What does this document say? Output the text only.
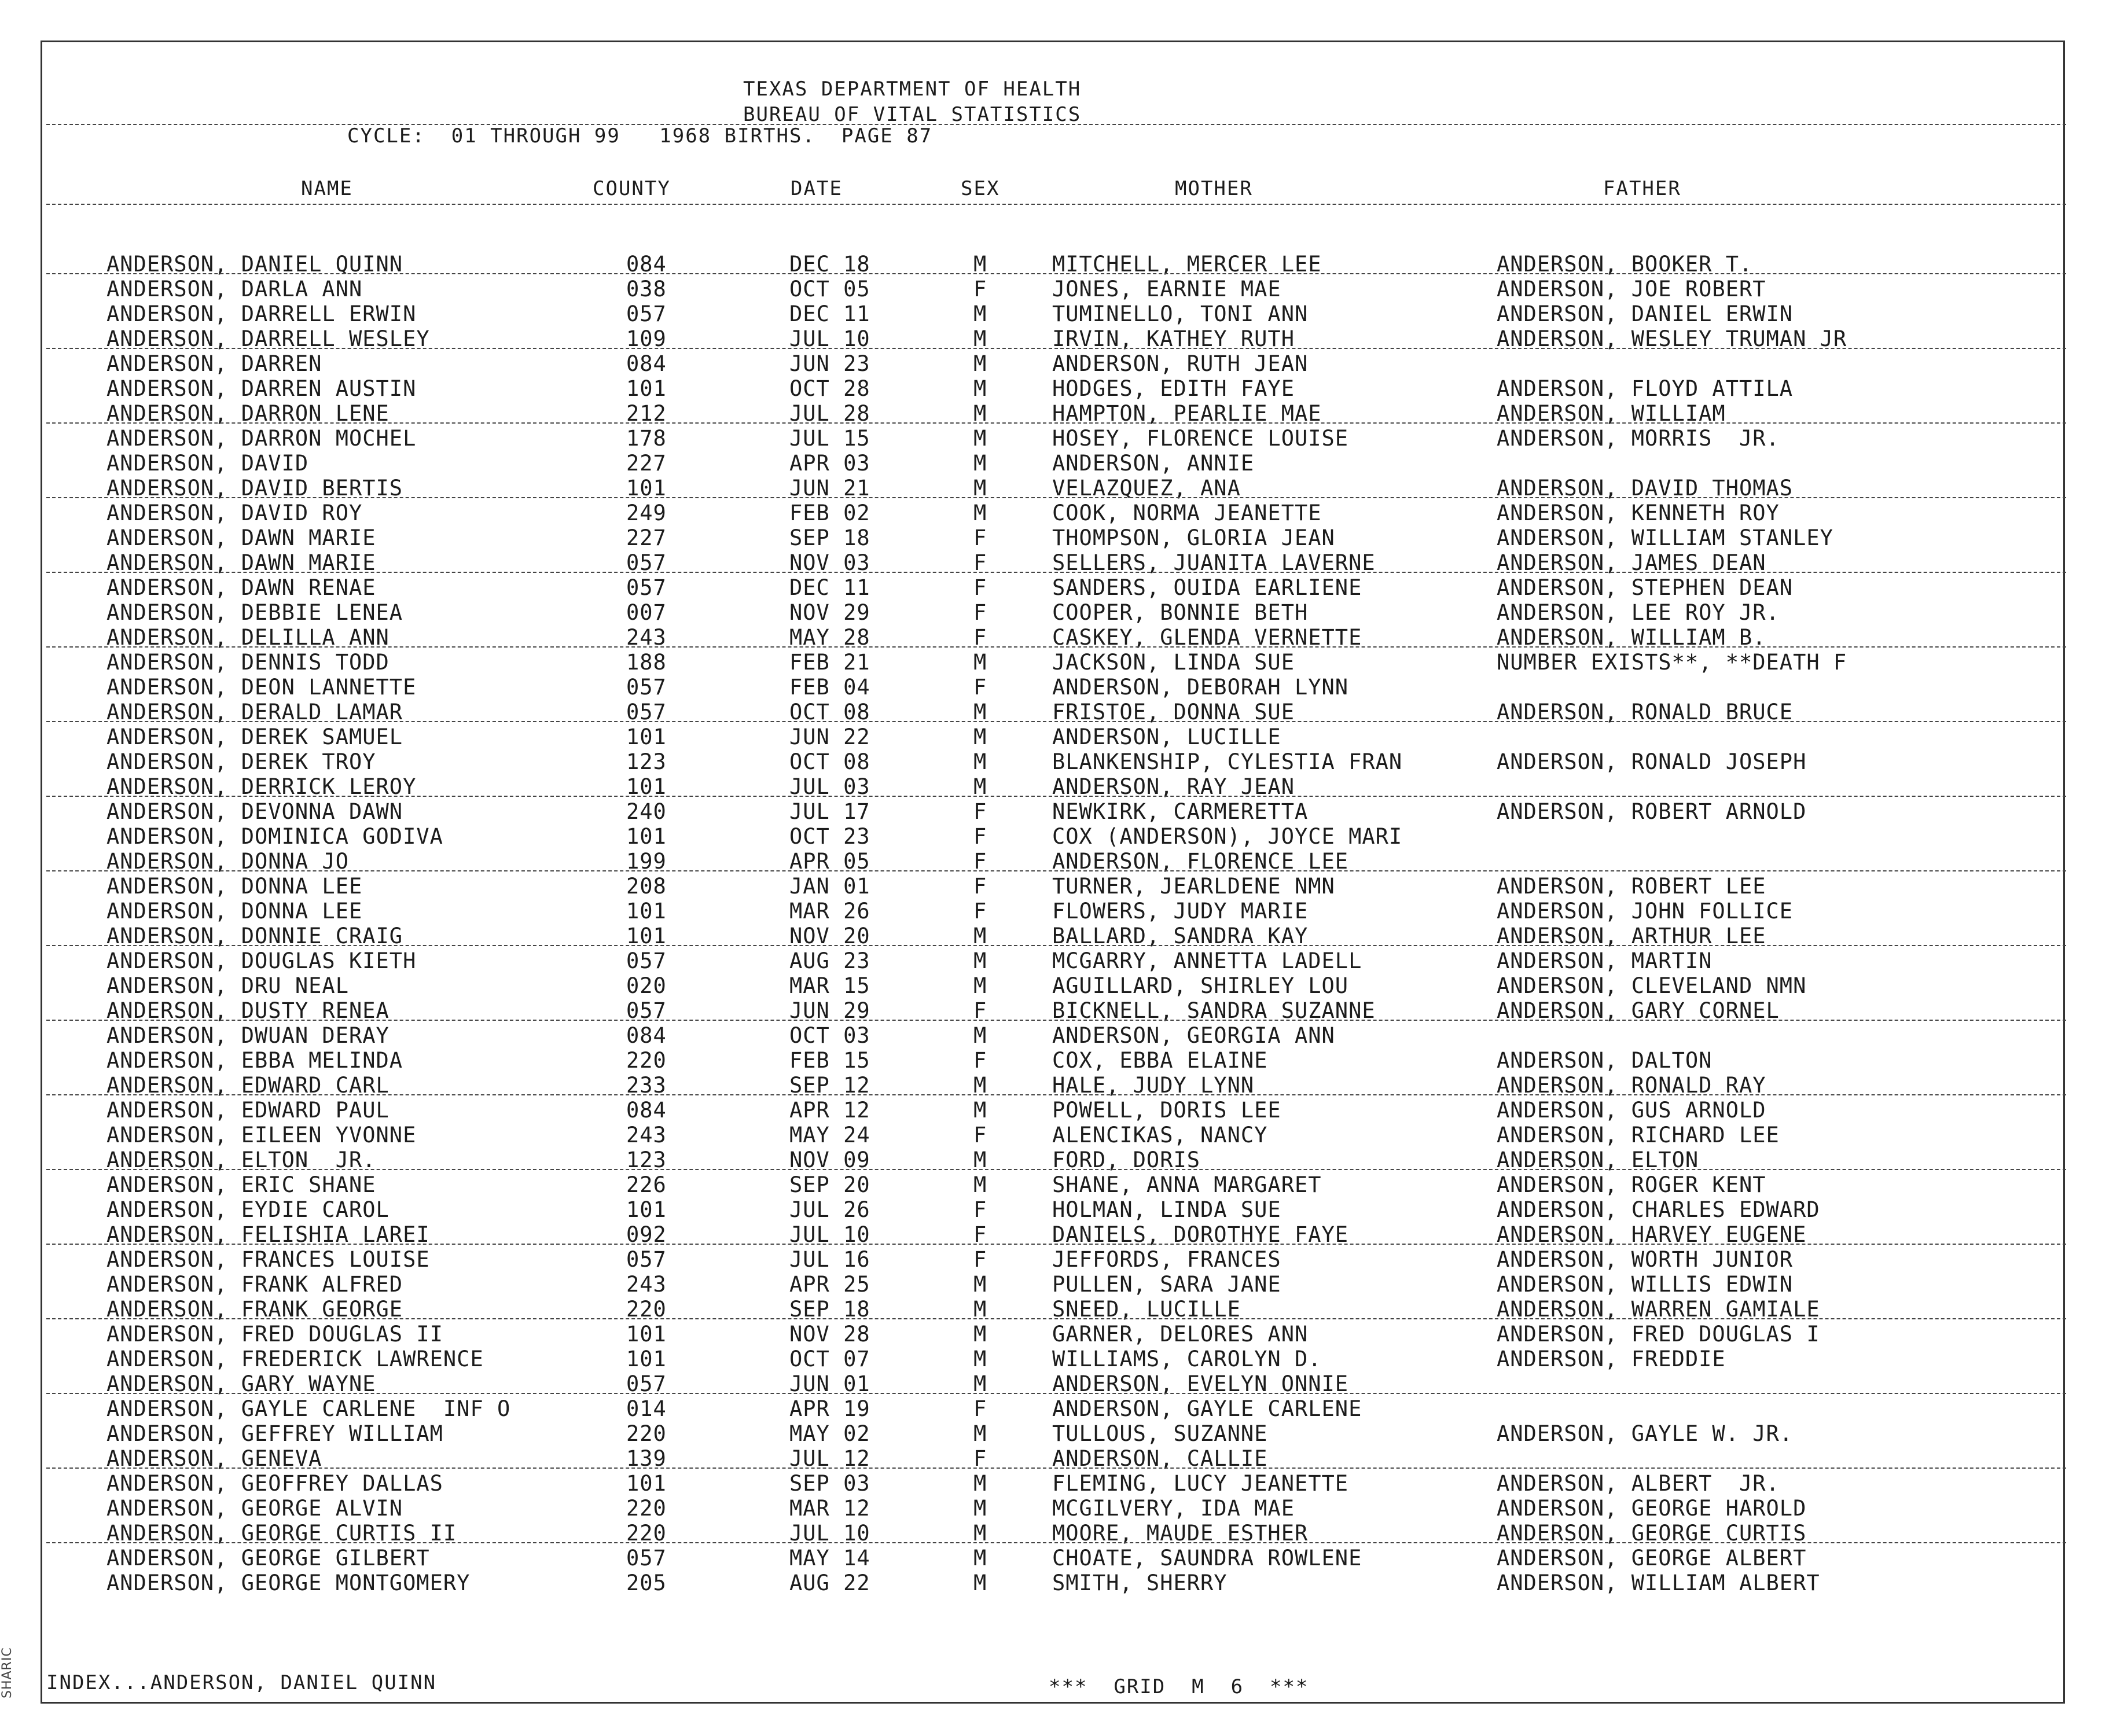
TEXAS DEPARTMENT OF HEALTH
BUREAU OF VITAL STATISTICS
CYCLE:  01 THROUGH 99   1968 BIRTHS.  PAGE 87
NAME	COUNTY	DATE	SEX	MOTHER	FATHER
ANDERSON, DANIEL QUINN	084	DEC 18	M	MITCHELL, MERCER LEE	ANDERSON, BOOKER T.
ANDERSON, DARLA ANN	038	OCT 05	F	JONES, EARNIE MAE	ANDERSON, JOE ROBERT
ANDERSON, DARRELL ERWIN	057	DEC 11	M	TUMINELLO, TONI ANN	ANDERSON, DANIEL ERWIN
ANDERSON, DARRELL WESLEY	109	JUL 10	M	IRVIN, KATHEY RUTH	ANDERSON, WESLEY TRUMAN JR
ANDERSON, DARREN	084	JUN 23	M	ANDERSON, RUTH JEAN
ANDERSON, DARREN AUSTIN	101	OCT 28	M	HODGES, EDITH FAYE	ANDERSON, FLOYD ATTILA
ANDERSON, DARRON LENE	212	JUL 28	M	HAMPTON, PEARLIE MAE	ANDERSON, WILLIAM
ANDERSON, DARRON MOCHEL	178	JUL 15	M	HOSEY, FLORENCE LOUISE	ANDERSON, MORRIS  JR.
ANDERSON, DAVID	227	APR 03	M	ANDERSON, ANNIE
ANDERSON, DAVID BERTIS	101	JUN 21	M	VELAZQUEZ, ANA	ANDERSON, DAVID THOMAS
ANDERSON, DAVID ROY	249	FEB 02	M	COOK, NORMA JEANETTE	ANDERSON, KENNETH ROY
ANDERSON, DAWN MARIE	227	SEP 18	F	THOMPSON, GLORIA JEAN	ANDERSON, WILLIAM STANLEY
ANDERSON, DAWN MARIE	057	NOV 03	F	SELLERS, JUANITA LAVERNE	ANDERSON, JAMES DEAN
ANDERSON, DAWN RENAE	057	DEC 11	F	SANDERS, OUIDA EARLIENE	ANDERSON, STEPHEN DEAN
ANDERSON, DEBBIE LENEA	007	NOV 29	F	COOPER, BONNIE BETH	ANDERSON, LEE ROY JR.
ANDERSON, DELILLA ANN	243	MAY 28	F	CASKEY, GLENDA VERNETTE	ANDERSON, WILLIAM B.
ANDERSON, DENNIS TODD	188	FEB 21	M	JACKSON, LINDA SUE	NUMBER EXISTS**, **DEATH F
ANDERSON, DEON LANNETTE	057	FEB 04	F	ANDERSON, DEBORAH LYNN
ANDERSON, DERALD LAMAR	057	OCT 08	M	FRISTOE, DONNA SUE	ANDERSON, RONALD BRUCE
ANDERSON, DEREK SAMUEL	101	JUN 22	M	ANDERSON, LUCILLE
ANDERSON, DEREK TROY	123	OCT 08	M	BLANKENSHIP, CYLESTIA FRAN	ANDERSON, RONALD JOSEPH
ANDERSON, DERRICK LEROY	101	JUL 03	M	ANDERSON, RAY JEAN
ANDERSON, DEVONNA DAWN	240	JUL 17	F	NEWKIRK, CARMERETTA	ANDERSON, ROBERT ARNOLD
ANDERSON, DOMINICA GODIVA	101	OCT 23	F	COX (ANDERSON), JOYCE MARI
ANDERSON, DONNA JO	199	APR 05	F	ANDERSON, FLORENCE LEE
ANDERSON, DONNA LEE	208	JAN 01	F	TURNER, JEARLDENE NMN	ANDERSON, ROBERT LEE
ANDERSON, DONNA LEE	101	MAR 26	F	FLOWERS, JUDY MARIE	ANDERSON, JOHN FOLLICE
ANDERSON, DONNIE CRAIG	101	NOV 20	M	BALLARD, SANDRA KAY	ANDERSON, ARTHUR LEE
ANDERSON, DOUGLAS KIETH	057	AUG 23	M	MCGARRY, ANNETTA LADELL	ANDERSON, MARTIN
ANDERSON, DRU NEAL	020	MAR 15	M	AGUILLARD, SHIRLEY LOU	ANDERSON, CLEVELAND NMN
ANDERSON, DUSTY RENEA	057	JUN 29	F	BICKNELL, SANDRA SUZANNE	ANDERSON, GARY CORNEL
ANDERSON, DWUAN DERAY	084	OCT 03	M	ANDERSON, GEORGIA ANN
ANDERSON, EBBA MELINDA	220	FEB 15	F	COX, EBBA ELAINE	ANDERSON, DALTON
ANDERSON, EDWARD CARL	233	SEP 12	M	HALE, JUDY LYNN	ANDERSON, RONALD RAY
ANDERSON, EDWARD PAUL	084	APR 12	M	POWELL, DORIS LEE	ANDERSON, GUS ARNOLD
ANDERSON, EILEEN YVONNE	243	MAY 24	F	ALENCIKAS, NANCY	ANDERSON, RICHARD LEE
ANDERSON, ELTON  JR.	123	NOV 09	M	FORD, DORIS	ANDERSON, ELTON
ANDERSON, ERIC SHANE	226	SEP 20	M	SHANE, ANNA MARGARET	ANDERSON, ROGER KENT
ANDERSON, EYDIE CAROL	101	JUL 26	F	HOLMAN, LINDA SUE	ANDERSON, CHARLES EDWARD
ANDERSON, FELISHIA LAREI	092	JUL 10	F	DANIELS, DOROTHYE FAYE	ANDERSON, HARVEY EUGENE
ANDERSON, FRANCES LOUISE	057	JUL 16	F	JEFFORDS, FRANCES	ANDERSON, WORTH JUNIOR
ANDERSON, FRANK ALFRED	243	APR 25	M	PULLEN, SARA JANE	ANDERSON, WILLIS EDWIN
ANDERSON, FRANK GEORGE	220	SEP 18	M	SNEED, LUCILLE	ANDERSON, WARREN GAMIALE
ANDERSON, FRED DOUGLAS II	101	NOV 28	M	GARNER, DELORES ANN	ANDERSON, FRED DOUGLAS I
ANDERSON, FREDERICK LAWRENCE	101	OCT 07	M	WILLIAMS, CAROLYN D.	ANDERSON, FREDDIE
ANDERSON, GARY WAYNE	057	JUN 01	M	ANDERSON, EVELYN ONNIE
ANDERSON, GAYLE CARLENE  INF O	014	APR 19	F	ANDERSON, GAYLE CARLENE
ANDERSON, GEFFREY WILLIAM	220	MAY 02	M	TULLOUS, SUZANNE	ANDERSON, GAYLE W. JR.
ANDERSON, GENEVA	139	JUL 12	F	ANDERSON, CALLIE
ANDERSON, GEOFFREY DALLAS	101	SEP 03	M	FLEMING, LUCY JEANETTE	ANDERSON, ALBERT  JR.
ANDERSON, GEORGE ALVIN	220	MAR 12	M	MCGILVERY, IDA MAE	ANDERSON, GEORGE HAROLD
ANDERSON, GEORGE CURTIS II	220	JUL 10	M	MOORE, MAUDE ESTHER	ANDERSON, GEORGE CURTIS
ANDERSON, GEORGE GILBERT	057	MAY 14	M	CHOATE, SAUNDRA ROWLENE	ANDERSON, GEORGE ALBERT
ANDERSON, GEORGE MONTGOMERY	205	AUG 22	M	SMITH, SHERRY	ANDERSON, WILLIAM ALBERT
INDEX...ANDERSON, DANIEL QUINN	***  GRID  M  6  ***
SHARIC
